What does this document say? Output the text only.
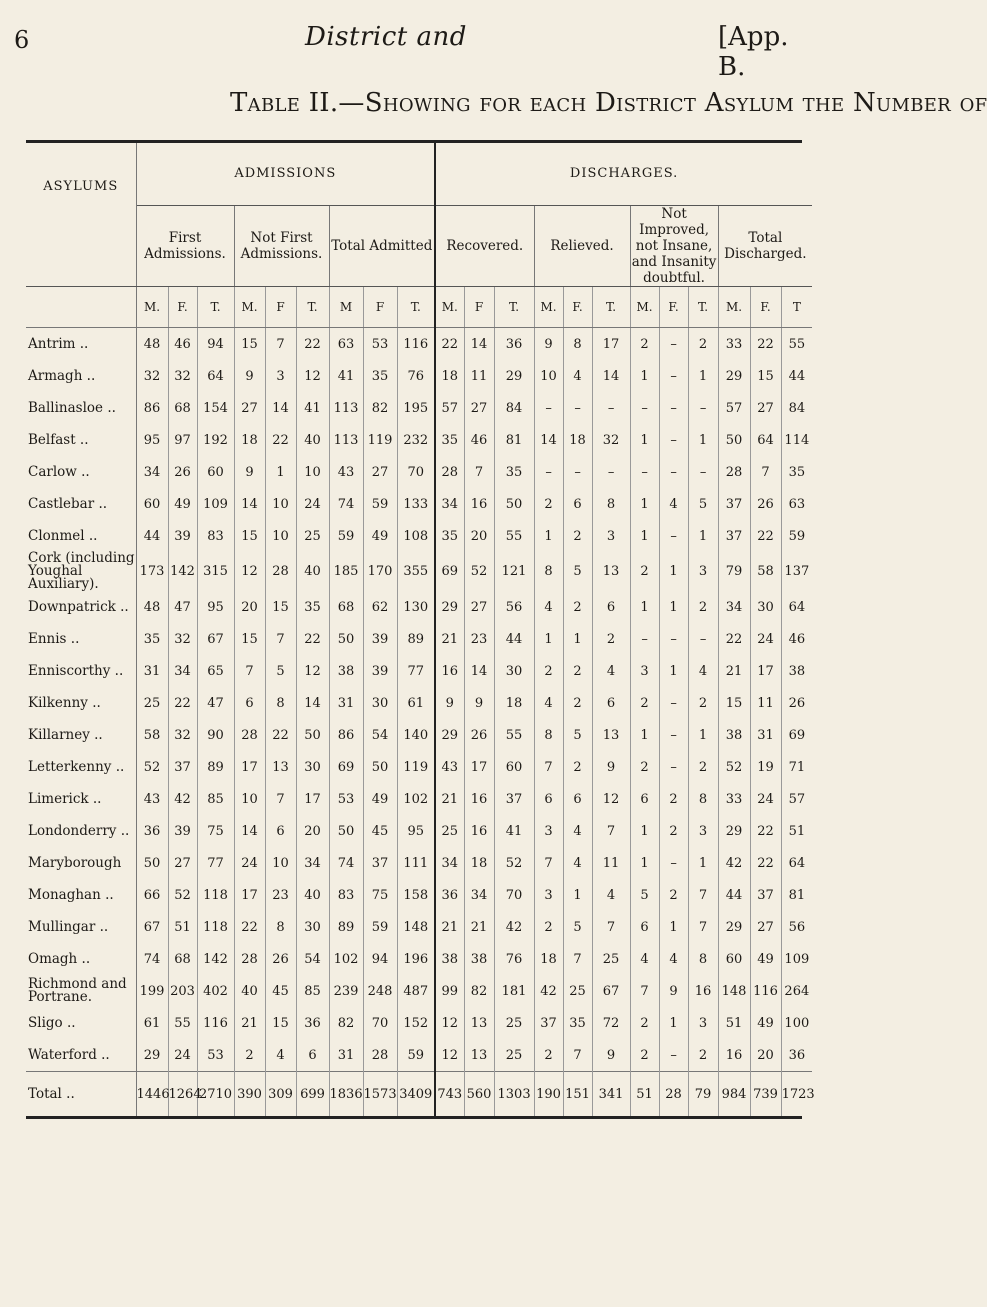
6	District and	[App. B.
Table II.—Showing for each District Asylum the Number of
ASYLUMS	ADMISSIONS									DISCHARGES.											
	First Admissions.			Not First Admissions.			Total Admitted			Recovered.			Relieved.			Not Improved, not Insane, and Insanity doubtful.			Total Discharged.		
	M.	F.	T.	M.	F	T.	M	F	T.	M.	F	T.	M.	F.	T.	M.	F.	T.	M.	F.	T
Antrim ..	48	46	94	15	7	22	63	53	116	22	14	36	9	8	17	2	–	2	33	22	55
Armagh ..	32	32	64	9	3	12	41	35	76	18	11	29	10	4	14	1	–	1	29	15	44
Ballinasloe ..	86	68	154	27	14	41	113	82	195	57	27	84	–	–	–	–	–	–	57	27	84
Belfast ..	95	97	192	18	22	40	113	119	232	35	46	81	14	18	32	1	–	1	50	64	114
Carlow ..	34	26	60	9	1	10	43	27	70	28	7	35	–	–	–	–	–	–	28	7	35
Castlebar ..	60	49	109	14	10	24	74	59	133	34	16	50	2	6	8	1	4	5	37	26	63
Clonmel ..	44	39	83	15	10	25	59	49	108	35	20	55	1	2	3	1	–	1	37	22	59
Cork (including Youghal Auxiliary).	173	142	315	12	28	40	185	170	355	69	52	121	8	5	13	2	1	3	79	58	137
Downpatrick ..	48	47	95	20	15	35	68	62	130	29	27	56	4	2	6	1	1	2	34	30	64
Ennis ..	35	32	67	15	7	22	50	39	89	21	23	44	1	1	2	–	–	–	22	24	46
Enniscorthy ..	31	34	65	7	5	12	38	39	77	16	14	30	2	2	4	3	1	4	21	17	38
Kilkenny ..	25	22	47	6	8	14	31	30	61	9	9	18	4	2	6	2	–	2	15	11	26
Killarney ..	58	32	90	28	22	50	86	54	140	29	26	55	8	5	13	1	–	1	38	31	69
Letterkenny ..	52	37	89	17	13	30	69	50	119	43	17	60	7	2	9	2	–	2	52	19	71
Limerick ..	43	42	85	10	7	17	53	49	102	21	16	37	6	6	12	6	2	8	33	24	57
Londonderry ..	36	39	75	14	6	20	50	45	95	25	16	41	3	4	7	1	2	3	29	22	51
Maryborough	50	27	77	24	10	34	74	37	111	34	18	52	7	4	11	1	–	1	42	22	64
Monaghan ..	66	52	118	17	23	40	83	75	158	36	34	70	3	1	4	5	2	7	44	37	81
Mullingar ..	67	51	118	22	8	30	89	59	148	21	21	42	2	5	7	6	1	7	29	27	56
Omagh ..	74	68	142	28	26	54	102	94	196	38	38	76	18	7	25	4	4	8	60	49	109
Richmond and Portrane.	199	203	402	40	45	85	239	248	487	99	82	181	42	25	67	7	9	16	148	116	264
Sligo ..	61	55	116	21	15	36	82	70	152	12	13	25	37	35	72	2	1	3	51	49	100
Waterford ..	29	24	53	2	4	6	31	28	59	12	13	25	2	7	9	2	–	2	16	20	36
Total ..	1446	1264	2710	390	309	699	1836	1573	3409	743	560	1303	190	151	341	51	28	79	984	739	1723
